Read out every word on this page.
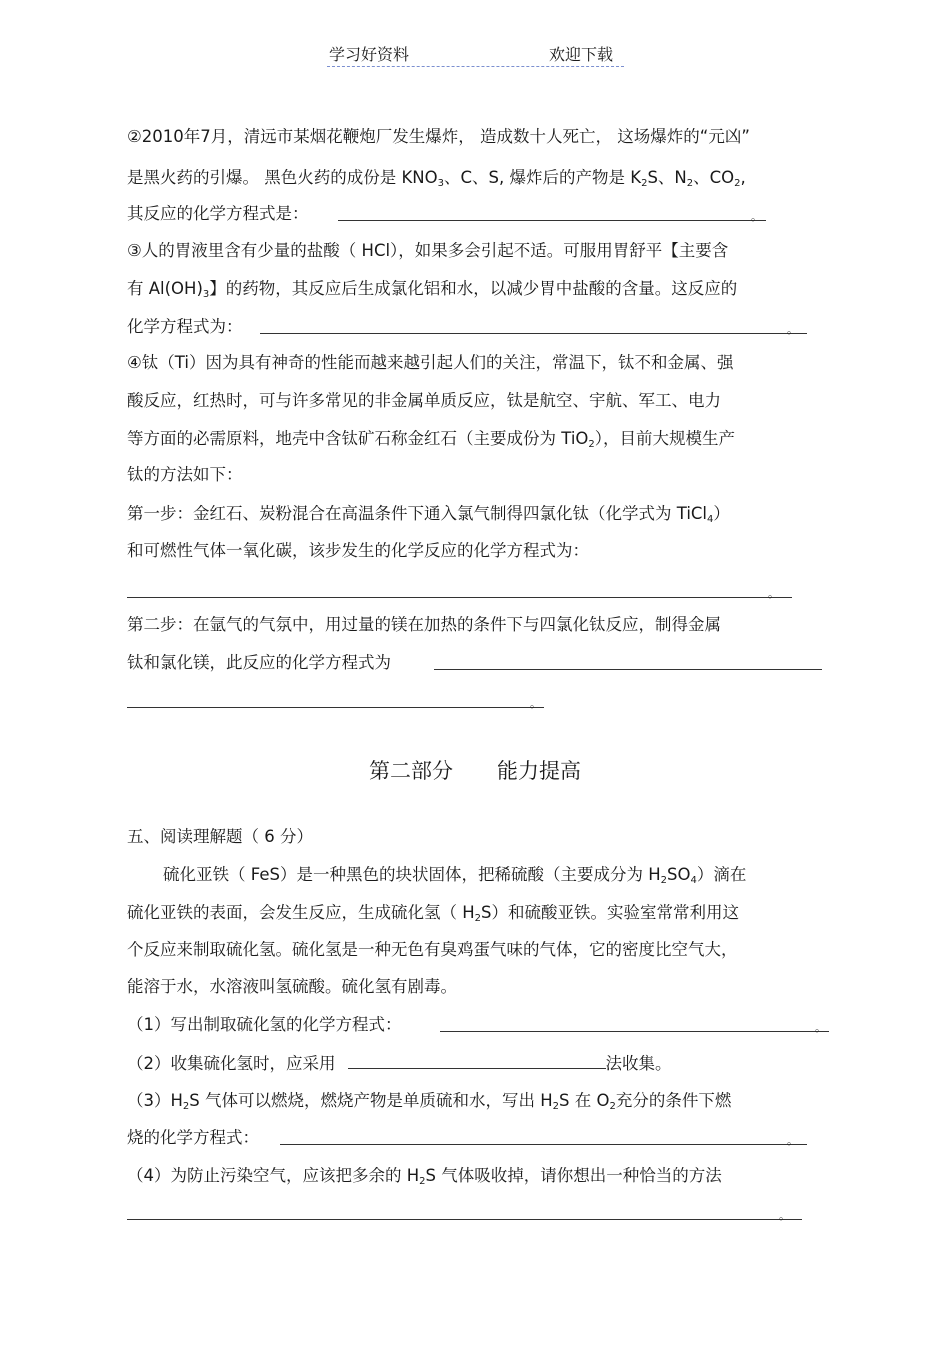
学习好资料	欢迎下载
②2010年7月，清远市某烟花鞭炮厂发生爆炸， 造成数十人死亡， 这场爆炸的“元凶”
是黑火药的引爆。 黑色火药的成份是 $KNO_3$、C、S, 爆炸后的产物是 $K_2S$、$N_2$、$CO_2$,
其反应的化学方程式是：	。
③人的胃液里含有少量的盐酸（ HCl），如果多会引起不适。可服用胃舒平【主要含
有 $Al(OH)_3$】的药物，其反应后生成氯化铝和水，以减少胃中盐酸的含量。这反应的
化学方程式为：	。
④钛（Ti）因为具有神奇的性能而越来越引起人们的关注，常温下，钛不和金属、强
酸反应，红热时，可与许多常见的非金属单质反应，钛是航空、宇航、军工、电力
等方面的必需原料，地壳中含钛矿石称金红石（主要成份为 TiO$_2$），目前大规模生产
钛的方法如下：
第一步：金红石、炭粉混合在高温条件下通入氯气制得四氯化钛（化学式为 TiCl$_4$）
和可燃性气体一氧化碳，该步发生的化学反应的化学方程式为：
。
第二步：在氩气的气氛中，用过量的镁在加热的条件下与四氯化钛反应，制得金属
钛和氯化镁，此反应的化学方程式为
。
第二部分 能力提高
五、阅读理解题（ 6 分）
硫化亚铁（ FeS）是一种黑色的块状固体，把稀硫酸（主要成分为 $H_2SO_4$）滴在
硫化亚铁的表面，会发生反应，生成硫化氢（ $H_2S$）和硫酸亚铁。实验室常常利用这
个反应来制取硫化氢。硫化氢是一种无色有臭鸡蛋气味的气体，它的密度比空气大，
能溶于水，水溶液叫氢硫酸。硫化氢有剧毒。
（1）写出制取硫化氢的化学方程式：	。
（2）收集硫化氢时，应采用	法收集。
$(3)H_2S$ 气体可以燃烧，燃烧产物是单质硫和水，写出 $H_2S$ 在 $O_2$充分的条件下燃
烧的化学方程式：	。
（4）为防止污染空气，应该把多余的 $H_2S$ 气体吸收掉，请你想出一种恰当的方法
。
